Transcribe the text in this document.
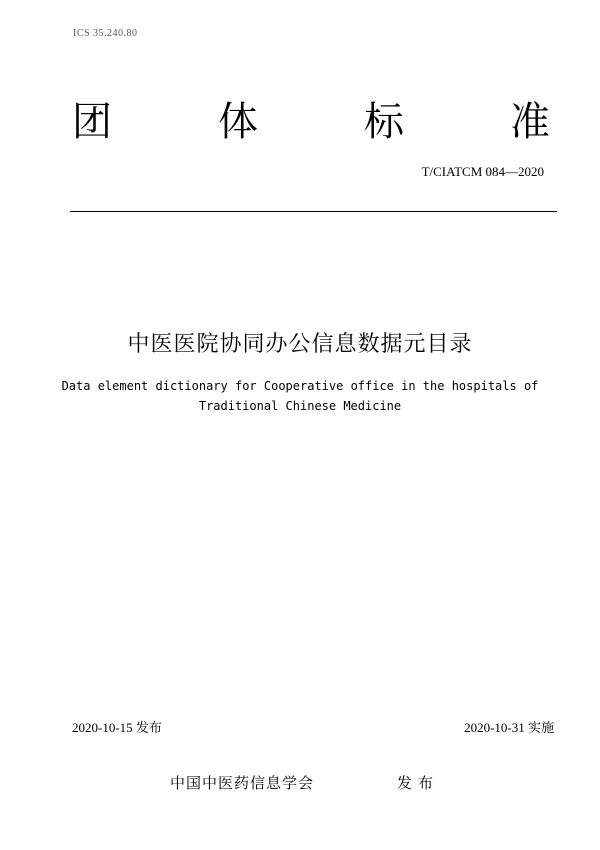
ICS 35.240.80
团	体	标	准
T/CIATCM 084—2020
中医医院协同办公信息数据元目录
Data element dictionary for Cooperative office in the hospitals of
Traditional Chinese Medicine
2020-10-15 发布	2020-10-31 实施
中国中医药信息学会	发布
